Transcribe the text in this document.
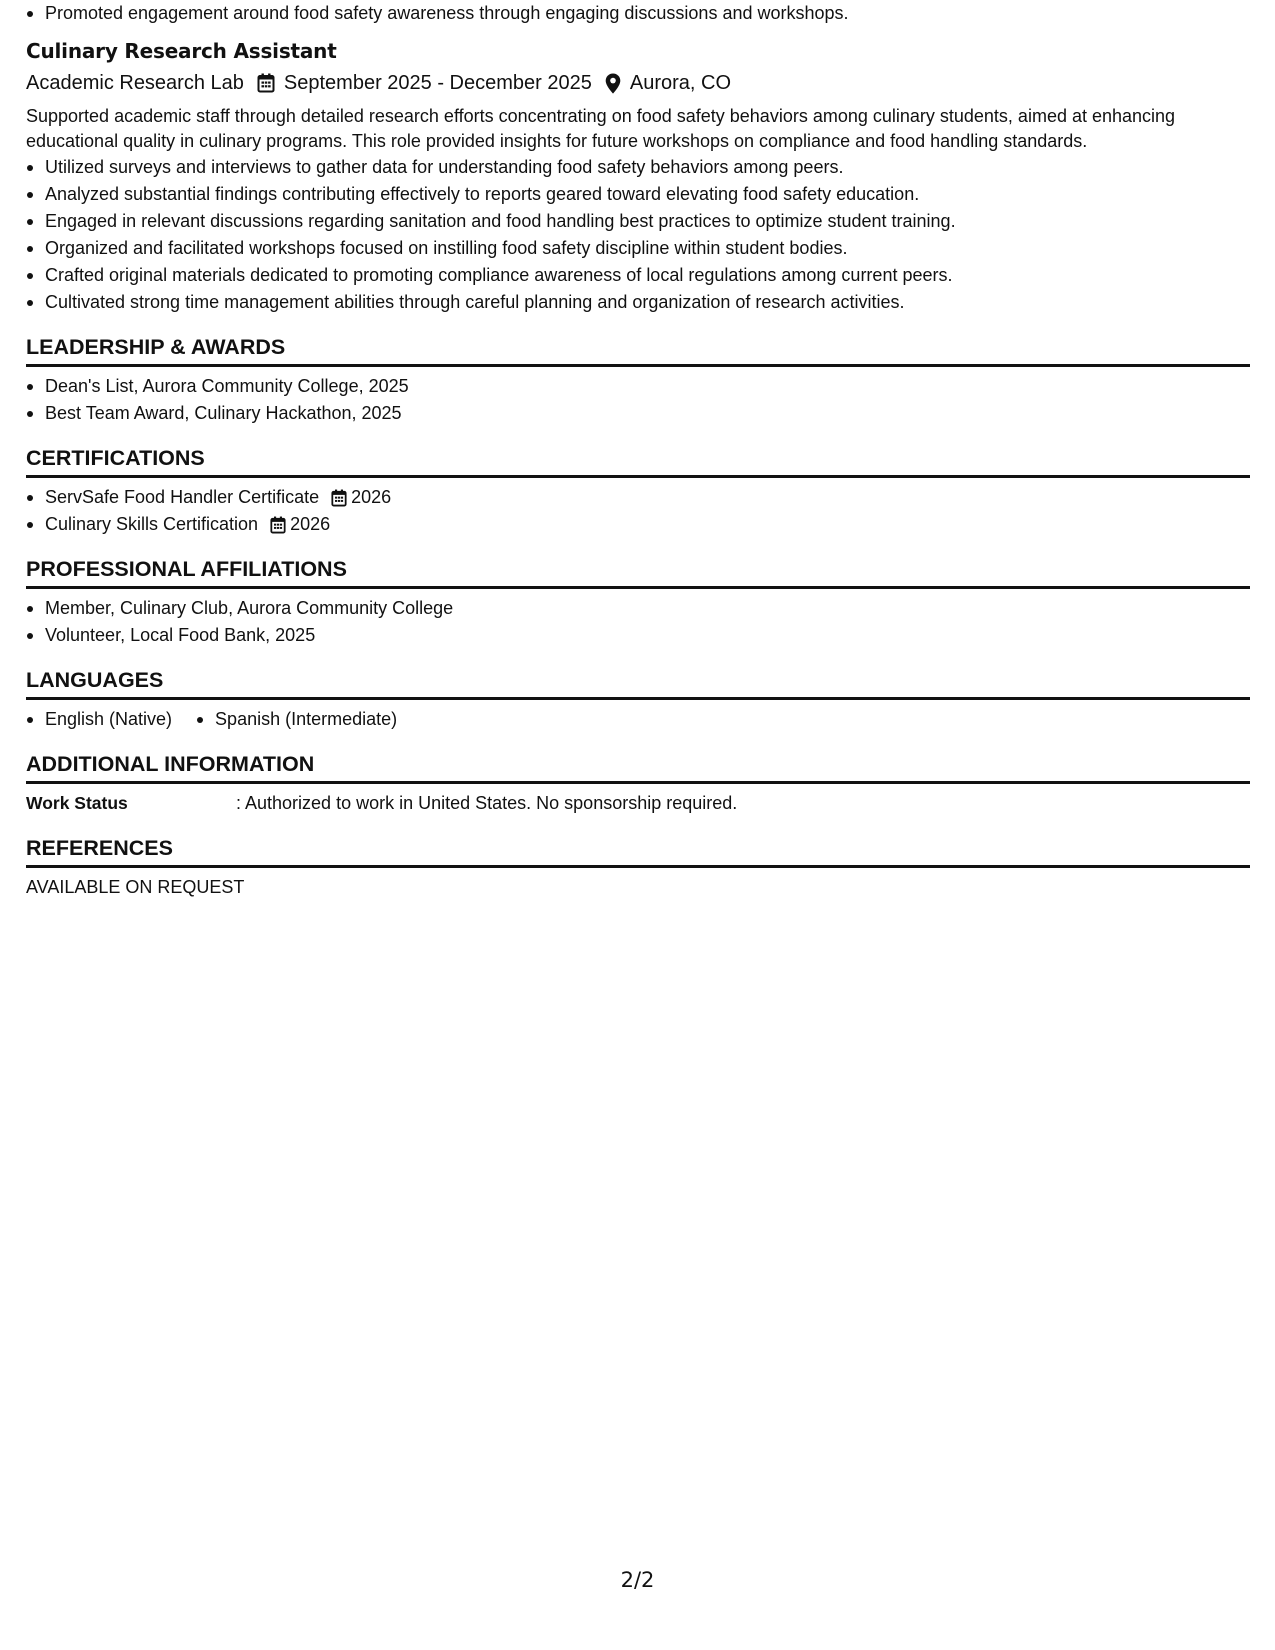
Promoted engagement around food safety awareness through engaging discussions and workshops.
Culinary Research Assistant
Academic Research Lab September 2025 - December 2025 Aurora, CO

Supported academic staff through detailed research efforts concentrating on food safety behaviors among culinary students, aimed at enhancing educational quality in culinary programs. This role provided insights for future workshops on compliance and food handling standards.

Utilized surveys and interviews to gather data for understanding food safety behaviors among peers.
Analyzed substantial findings contributing effectively to reports geared toward elevating food safety education.
Engaged in relevant discussions regarding sanitation and food handling best practices to optimize student training.
Organized and facilitated workshops focused on instilling food safety discipline within student bodies.
Crafted original materials dedicated to promoting compliance awareness of local regulations among current peers.
Cultivated strong time management abilities through careful planning and organization of research activities.
LEADERSHIP & AWARDS
Dean's List, Aurora Community College, 2025
Best Team Award, Culinary Hackathon, 2025
CERTIFICATIONS
ServSafe Food Handler Certificate 2026
Culinary Skills Certification 2026
PROFESSIONAL AFFILIATIONS
Member, Culinary Club, Aurora Community College
Volunteer, Local Food Bank, 2025
LANGUAGES
English (Native)	Spanish (Intermediate)
ADDITIONAL INFORMATION
Work Status	: Authorized to work in United States. No sponsorship required.
REFERENCES
AVAILABLE ON REQUEST
2/2
